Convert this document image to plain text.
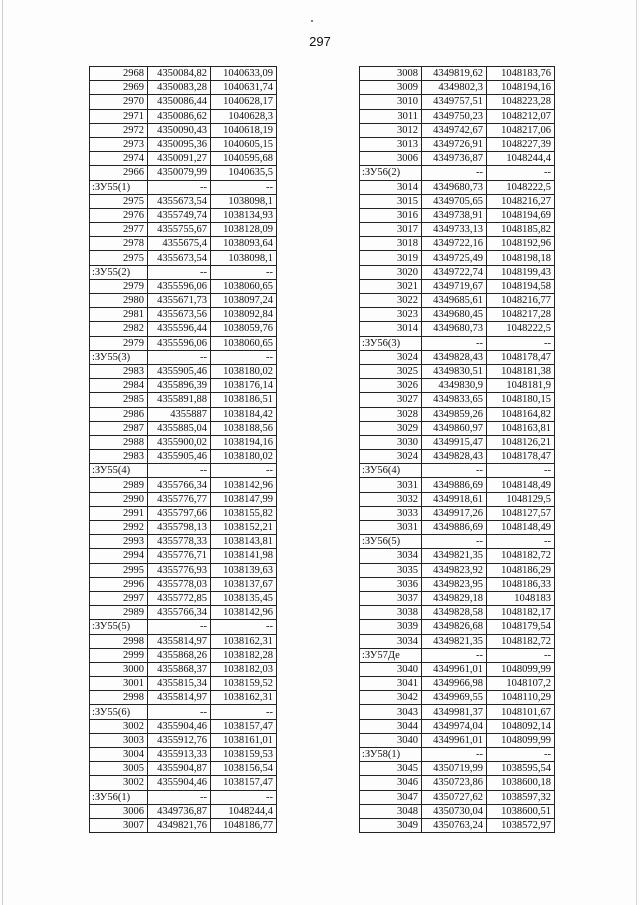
297
2968	4350084,82	1040633,09
2969	4350083,28	1040631,74
2970	4350086,44	1040628,17
2971	4350086,62	1040628,3
2972	4350090,43	1040618,19
2973	4350095,36	1040605,15
2974	4350091,27	1040595,68
2966	4350079,99	1040635,5
:ЗУ55(1)	--	--
2975	4355673,54	1038098,1
2976	4355749,74	1038134,93
2977	4355755,67	1038128,09
2978	4355675,4	1038093,64
2975	4355673,54	1038098,1
:ЗУ55(2)	--	--
2979	4355596,06	1038060,65
2980	4355671,73	1038097,24
2981	4355673,56	1038092,84
2982	4355596,44	1038059,76
2979	4355596,06	1038060,65
:ЗУ55(3)	--	--
2983	4355905,46	1038180,02
2984	4355896,39	1038176,14
2985	4355891,88	1038186,51
2986	4355887	1038184,42
2987	4355885,04	1038188,56
2988	4355900,02	1038194,16
2983	4355905,46	1038180,02
:ЗУ55(4)	--	--
2989	4355766,34	1038142,96
2990	4355776,77	1038147,99
2991	4355797,66	1038155,82
2992	4355798,13	1038152,21
2993	4355778,33	1038143,81
2994	4355776,71	1038141,98
2995	4355776,93	1038139,63
2996	4355778,03	1038137,67
2997	4355772,85	1038135,45
2989	4355766,34	1038142,96
:ЗУ55(5)	--	--
2998	4355814,97	1038162,31
2999	4355868,26	1038182,28
3000	4355868,37	1038182,03
3001	4355815,34	1038159,52
2998	4355814,97	1038162,31
:ЗУ55(6)	--	--
3002	4355904,46	1038157,47
3003	4355912,76	1038161,01
3004	4355913,33	1038159,53
3005	4355904,87	1038156,54
3002	4355904,46	1038157,47
:ЗУ56(1)	--	--
3006	4349736,87	1048244,4
3007	4349821,76	1048186,77
3008	4349819,62	1048183,76
3009	4349802,3	1048194,16
3010	4349757,51	1048223,28
3011	4349750,23	1048212,07
3012	4349742,67	1048217,06
3013	4349726,91	1048227,39
3006	4349736,87	1048244,4
:ЗУ56(2)	--	--
3014	4349680,73	1048222,5
3015	4349705,65	1048216,27
3016	4349738,91	1048194,69
3017	4349733,13	1048185,82
3018	4349722,16	1048192,96
3019	4349725,49	1048198,18
3020	4349722,74	1048199,43
3021	4349719,67	1048194,58
3022	4349685,61	1048216,77
3023	4349680,45	1048217,28
3014	4349680,73	1048222,5
:ЗУ56(3)	--	--
3024	4349828,43	1048178,47
3025	4349830,51	1048181,38
3026	4349830,9	1048181,9
3027	4349833,65	1048180,15
3028	4349859,26	1048164,82
3029	4349860,97	1048163,81
3030	4349915,47	1048126,21
3024	4349828,43	1048178,47
:ЗУ56(4)	--	--
3031	4349886,69	1048148,49
3032	4349918,61	1048129,5
3033	4349917,26	1048127,57
3031	4349886,69	1048148,49
:ЗУ56(5)	--	--
3034	4349821,35	1048182,72
3035	4349823,92	1048186,29
3036	4349823,95	1048186,33
3037	4349829,18	1048183
3038	4349828,58	1048182,17
3039	4349826,68	1048179,54
3034	4349821,35	1048182,72
:ЗУ57Де	--	--
3040	4349961,01	1048099,99
3041	4349966,98	1048107,2
3042	4349969,55	1048110,29
3043	4349981,37	1048101,67
3044	4349974,04	1048092,14
3040	4349961,01	1048099,99
:ЗУ58(1)	--	--
3045	4350719,99	1038595,54
3046	4350723,86	1038600,18
3047	4350727,62	1038597,32
3048	4350730,04	1038600,51
3049	4350763,24	1038572,97
